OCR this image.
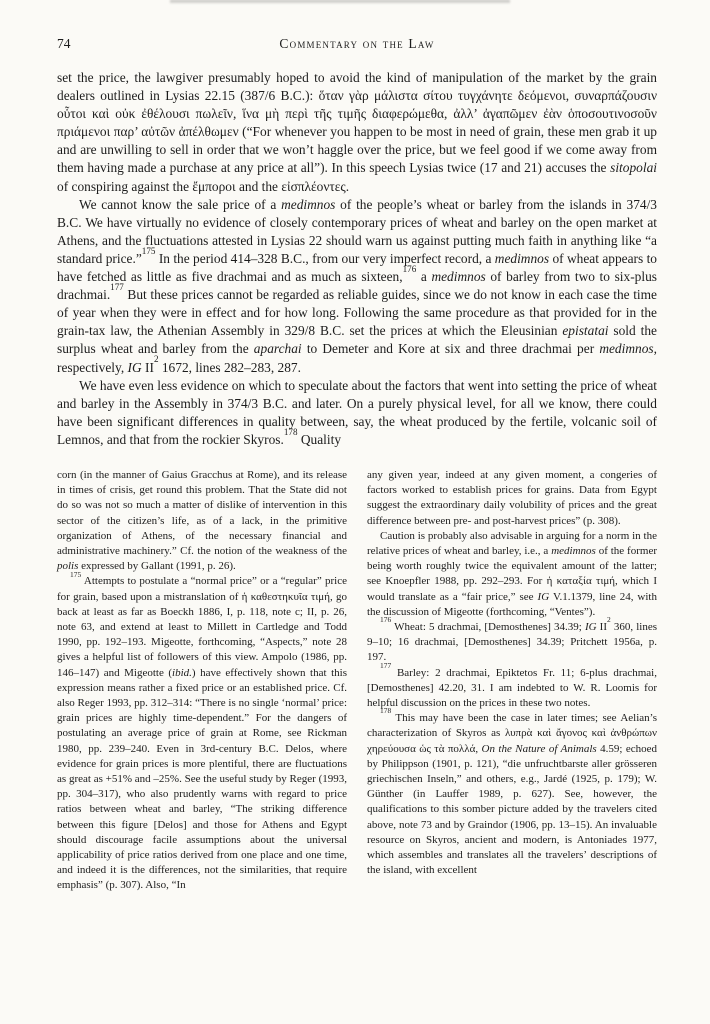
74	Commentary on the Law

set the price, the lawgiver presumably hoped to avoid the kind of manipulation of the market by the grain dealers outlined in Lysias 22.15 (387/6 B.C.): ὅταν γὰρ μάλιστα σίτου τυγχάνητε δεόμενοι, συναρπάζουσιν οὗτοι καὶ οὐκ ἐθέλουσι πωλεῖν, ἵνα μὴ περὶ τῆς τιμῆς διαφερώμεθα, ἀλλ’ ἀγαπῶμεν ἐὰν ὁποσουτινοσοῦν πριάμενοι παρ’ αὐτῶν ἀπέλθωμεν (“For whenever you happen to be most in need of grain, these men grab it up and are unwilling to sell in order that we won’t haggle over the price, but we feel good if we come away from them having made a purchase at any price at all”). In this speech Lysias twice (17 and 21) accuses the sitopolai of conspiring against the ἔμποροι and the εἰσπλέοντες.

We cannot know the sale price of a medimnos of the people’s wheat or barley from the islands in 374/3 B.C. We have virtually no evidence of closely contemporary prices of wheat and barley on the open market at Athens, and the fluctuations attested in Lysias 22 should warn us against putting much faith in anything like “a standard price.”$^{175}$ In the period 414–328 B.C., from our very imperfect record, a medimnos of wheat appears to have fetched as little as five drachmai and as much as sixteen,$^{176}$ a medimnos of barley from two to six-plus drachmai.$^{177}$ But these prices cannot be regarded as reliable guides, since we do not know in each case the time of year when they were in effect and for how long. Following the same procedure as that provided for in the grain-tax law, the Athenian Assembly in 329/8 B.C. set the prices at which the Eleusinian epistatai sold the surplus wheat and barley from the aparchai to Demeter and Kore at six and three drachmai per medimnos, respectively, IG $II^2$ 1672, lines 282–283, 287.

We have even less evidence on which to speculate about the factors that went into setting the price of wheat and barley in the Assembly in 374/3 B.C. and later. On a purely physical level, for all we know, there could have been significant differences in quality between, say, the wheat produced by the fertile, volcanic soil of Lemnos, and that from the rockier Skyros.$^{178}$ Quality

corn (in the manner of Gaius Gracchus at Rome), and its release in times of crisis, get round this problem. That the State did not do so was not so much a matter of dislike of intervention in this sector of the citizen’s life, as of a lack, in the primitive organization of Athens, of the necessary financial and administrative machinery.” Cf. the notion of the weakness of the polis expressed by Gallant (1991, p. 26).

$^{175}$ Attempts to postulate a “normal price” or a “regular” price for grain, based upon a mistranslation of ἡ καθεστηκυῖα τιμή, go back at least as far as Boeckh 1886, I, p. 118, note c; II, p. 26, note 63, and extend at least to Millett in Cartledge and Todd 1990, pp. 192–193. Migeotte, forthcoming, “Aspects,” note 28 gives a helpful list of followers of this view. Ampolo (1986, pp. 146–147) and Migeotte (ibid.) have effectively shown that this expression means rather a fixed price or an established price. Cf. also Reger 1993, pp. 312–314: “There is no single ‘normal’ price: grain prices are highly time-dependent.” For the dangers of postulating an average price of grain at Rome, see Rickman 1980, pp. 239–240. Even in 3rd-century B.C. Delos, where evidence for grain prices is more plentiful, there are fluctuations as great as +51% and –25%. See the useful study by Reger (1993, pp. 304–317), who also prudently warns with regard to price ratios between wheat and barley, “The striking difference between this figure [Delos] and those for Athens and Egypt should discourage facile assumptions about the universal applicability of price ratios derived from one place and one time, and indeed it is the differences, not the similarities, that require emphasis” (p. 307). Also, “In

any given year, indeed at any given moment, a congeries of factors worked to establish prices for grains. Data from Egypt suggest the extraordinary daily volubility of prices and the great difference between pre- and post-harvest prices” (p. 308).

Caution is probably also advisable in arguing for a norm in the relative prices of wheat and barley, i.e., a medimnos of the former being worth roughly twice the equivalent amount of the latter; see Knoepfler 1988, pp. 292–293. For ἡ καταξία τιμή, which I would translate as a “fair price,” see IG V.1.1379, line 24, with the discussion of Migeotte (forthcoming, “Ventes”).

$^{176}$ Wheat: 5 drachmai, [Demosthenes] 34.39; IG $II^2$ 360, lines 9–10; 16 drachmai, [Demosthenes] 34.39; Pritchett 1956a, p. 197.

$^{177}$ Barley: 2 drachmai, Epiktetos Fr. 11; 6-plus drachmai, [Demosthenes] 42.20, 31. I am indebted to W. R. Loomis for helpful discussion on the prices in these two notes.

$^{178}$ This may have been the case in later times; see Aelian’s characterization of Skyros as λυπρὰ καὶ ἄγονος καὶ ἀνθρώπων χηρεύουσα ὡς τὰ πολλά, On the Nature of Animals 4.59; echoed by Philippson (1901, p. 121), “die unfruchtbarste aller grösseren griechischen Inseln,” and others, e.g., Jardé (1925, p. 179); W. Günther (in Lauffer 1989, p. 627). See, however, the qualifications to this somber picture added by the travelers cited above, note 73 and by Graindor (1906, pp. 13–15). An invaluable resource on Skyros, ancient and modern, is Antoniades 1977, which assembles and translates all the travelers’ descriptions of the island, with excellent
